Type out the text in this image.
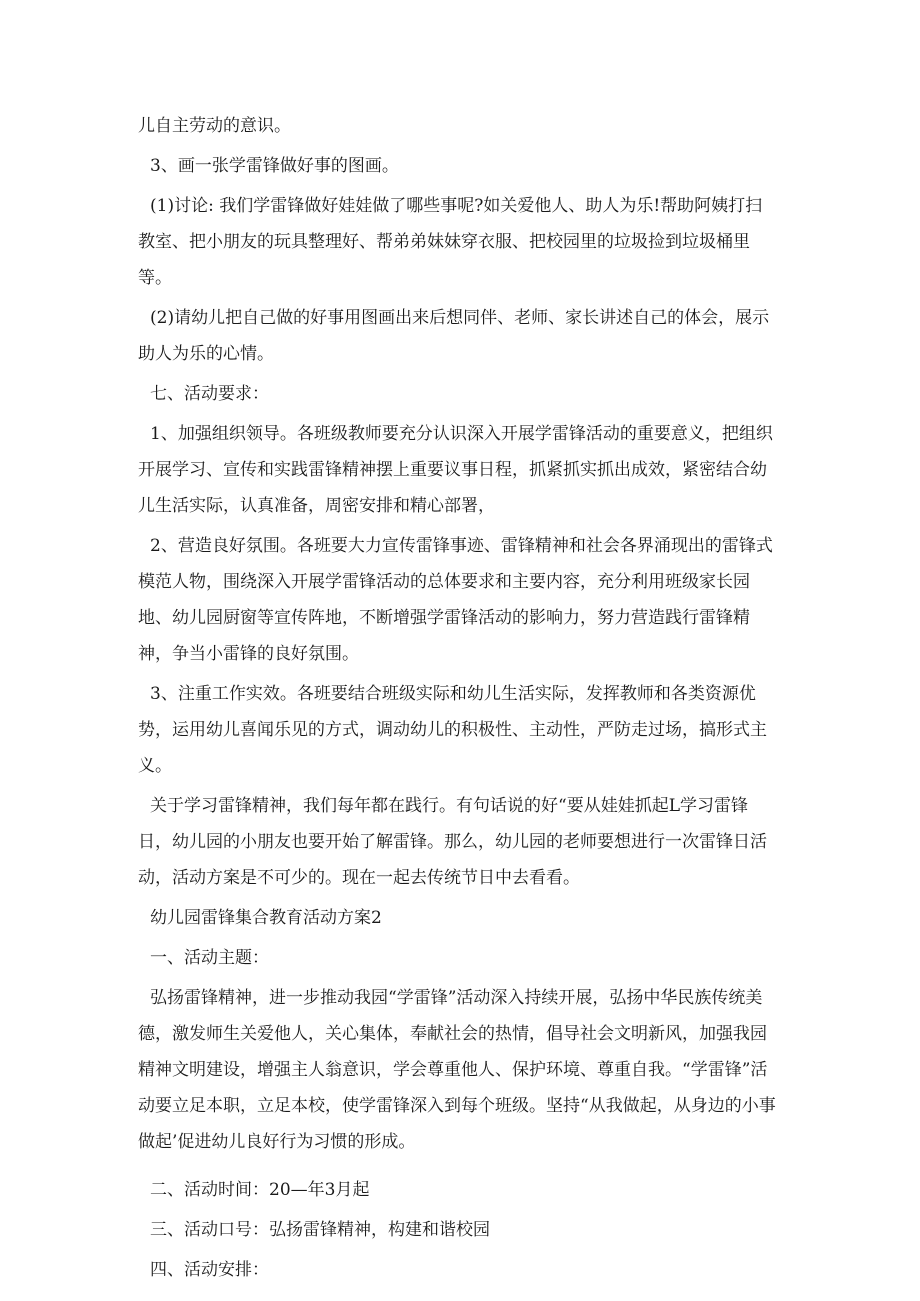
儿自主劳动的意识。

3、画一张学雷锋做好事的图画。

(1)讨论: 我们学雷锋做好娃娃做了哪些事呢?如关爱他人、助人为乐!帮助阿姨打扫教室、把小朋友的玩具整理好、帮弟弟妹妹穿衣服、把校园里的垃圾捡到垃圾桶里等。

(2)请幼儿把自己做的好事用图画出来后想同伴、老师、家长讲述自己的体会，展示助人为乐的心情。

七、活动要求：

1、加强组织领导。各班级教师要充分认识深入开展学雷锋活动的重要意义，把组织开展学习、宣传和实践雷锋精神摆上重要议事日程，抓紧抓实抓出成效，紧密结合幼儿生活实际，认真准备，周密安排和精心部署，

2、营造良好氛围。各班要大力宣传雷锋事迹、雷锋精神和社会各界涌现出的雷锋式模范人物，围绕深入开展学雷锋活动的总体要求和主要内容，充分利用班级家长园地、幼儿园厨窗等宣传阵地，不断增强学雷锋活动的影响力，努力营造践行雷锋精神，争当小雷锋的良好氛围。

3、注重工作实效。各班要结合班级实际和幼儿生活实际，发挥教师和各类资源优势，运用幼儿喜闻乐见的方式，调动幼儿的积极性、主动性，严防走过场，搞形式主义。

关于学习雷锋精神，我们每年都在践行。有句话说的好“要从娃娃抓起L学习雷锋日，幼儿园的小朋友也要开始了解雷锋。那么，幼儿园的老师要想进行一次雷锋日活动，活动方案是不可少的。现在一起去传统节日中去看看。

幼儿园雷锋集合教育活动方案2

一、活动主题：

弘扬雷锋精神，进一步推动我园“学雷锋”活动深入持续开展，弘扬中华民族传统美德，激发师生关爱他人，关心集体，奉献社会的热情，倡导社会文明新风，加强我园精神文明建设，增强主人翁意识，学会尊重他人、保护环境、尊重自我。“学雷锋”活动要立足本职，立足本校，使学雷锋深入到每个班级。坚持“从我做起，从身边的小事做起’促进幼儿良好行为习惯的形成。

二、活动时间：20—年3月起

三、活动口号：弘扬雷锋精神，构建和谐校园

四、活动安排：
